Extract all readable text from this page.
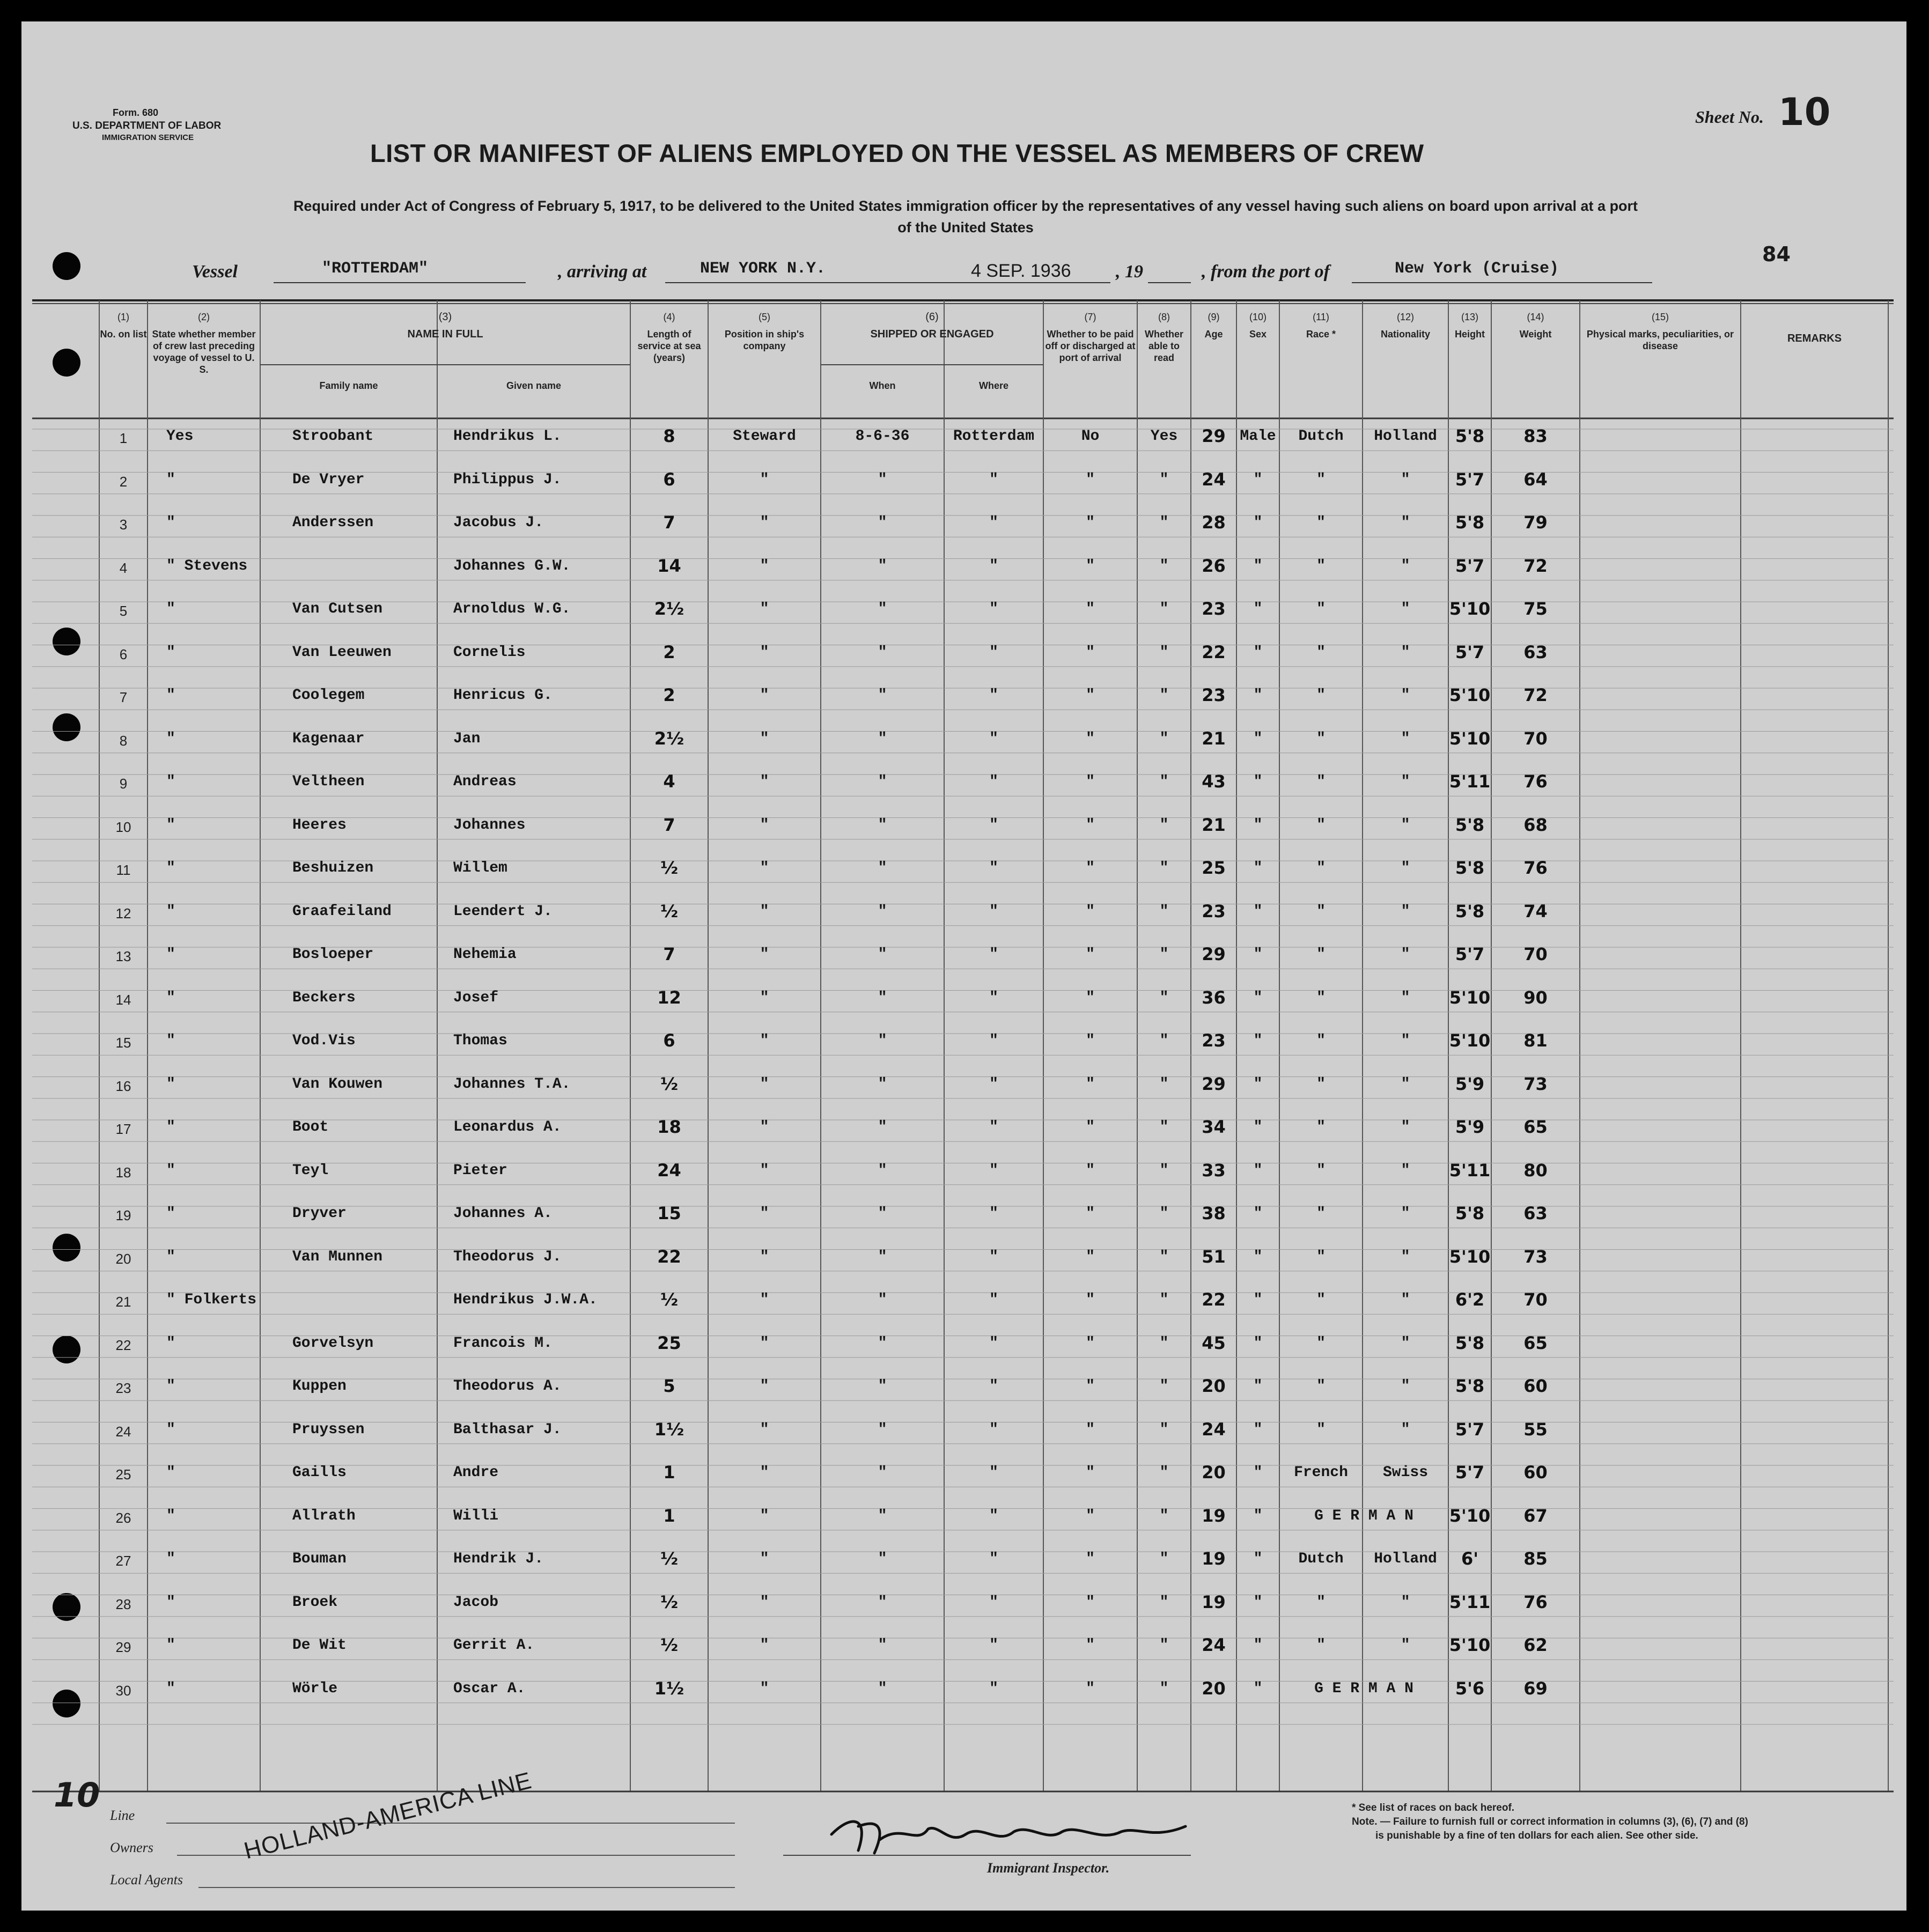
Form. 680
U.S. DEPARTMENT OF LABOR
IMMIGRATION SERVICE
LIST OR MANIFEST OF ALIENS EMPLOYED ON THE VESSEL AS MEMBERS OF CREW
Sheet No. 10
Required under Act of Congress of February 5, 1917, to be delivered to the United States immigration officer by the representatives of any vessel having such aliens on board upon arrival at a port
of the United States
84
Vessel	"ROTTERDAM"	, arriving at	NEW YORK N.Y.	4 SEP. 1936 , 19	, from the port of	New York (Cruise)
(1)
No. on list
(2)
State whether member of crew last preceding voyage of vessel to U. S.
(3)
NAME IN FULL
Family name	Given name
(4)
Length of service at sea (years)
(5)
Position in ship's company
(6)
SHIPPED OR ENGAGED
When	Where
(7)
Whether to be paid off or discharged at port of arrival
(8)
Whether able to read
(9)
Age
(10)
Sex
(11)
Race *
(12)
Nationality
(13)
Height
(14)
Weight
(15)
Physical marks, peculiarities, or disease
REMARKS
1	Yes	Stroobant	Hendrikus L.	8	Steward	8-6-36	Rotterdam	No	Yes	29 Male	Dutch	Holland	5'8	83
2	"	De Vryer	Philippus J.	6	"	"	"	"	"	24	"	"	"	5'7	64
3	"	Anderssen	Jacobus J.	7	"	"	"	"	"	28	"	"	"	5'8	79
4	" Stevens	Johannes G.W.	14	"	"	"	"	"	26	"	"	"	5'7	72
5	"	Van Cutsen	Arnoldus W.G.	2½	"	"	"	"	"	23	"	"	"	5'10	75
6	"	Van Leeuwen	Cornelis	2	"	"	"	"	"	22	"	"	"	5'7	63
7	"	Coolegem	Henricus G.	2	"	"	"	"	"	23	"	"	"	5'10	72
8	"	Kagenaar	Jan	2½	"	"	"	"	"	21	"	"	"	5'10	70
9	"	Veltheen	Andreas	4	"	"	"	"	"	43	"	"	"	5'11	76
10	"	Heeres	Johannes	7	"	"	"	"	"	21	"	"	"	5'8	68
11	"	Beshuizen	Willem	½	"	"	"	"	"	25	"	"	"	5'8	76
12	"	Graafeiland	Leendert J.	½	"	"	"	"	"	23	"	"	"	5'8	74
13	"	Bosloeper	Nehemia	7	"	"	"	"	"	29	"	"	"	5'7	70
14	"	Beckers	Josef	12	"	"	"	"	"	36	"	"	"	5'10	90
15	"	Vod.Vis	Thomas	6	"	"	"	"	"	23	"	"	"	5'10	81
16	"	Van Kouwen	Johannes T.A.	½	"	"	"	"	"	29	"	"	"	5'9	73
17	"	Boot	Leonardus A.	18	"	"	"	"	"	34	"	"	"	5'9	65
18	"	Teyl	Pieter	24	"	"	"	"	"	33	"	"	"	5'11	80
19	"	Dryver	Johannes A.	15	"	"	"	"	"	38	"	"	"	5'8	63
20	"	Van Munnen	Theodorus J.	22	"	"	"	"	"	51	"	"	"	5'10	73
21	" Folkerts	Hendrikus J.W.A.	½	"	"	"	"	"	22	"	"	"	6'2	70
22	"	Gorvelsyn	Francois M.	25	"	"	"	"	"	45	"	"	"	5'8	65
23	"	Kuppen	Theodorus A.	5	"	"	"	"	"	20	"	"	"	5'8	60
24	"	Pruyssen	Balthasar J.	1½	"	"	"	"	"	24	"	"	"	5'7	55
25	"	Gaills	Andre	1	"	"	"	"	"	20	"	French	Swiss	5'7	60
26	"	Allrath	Willi	1	"	"	"	"	"	19	"	G E R M A N	5'10	67
27	"	Bouman	Hendrik J.	½	"	"	"	"	"	19	"	Dutch	Holland	6'	85
28	"	Broek	Jacob	½	"	"	"	"	"	19	"	"	"	5'11	76
29	"	De Wit	Gerrit A.	½	"	"	"	"	"	24	"	"	"	5'10	62
30	"	Wörle	Oscar A.	1½	"	"	"	"	"	20	"	G E R M A N	5'6	69
10
Line
Owners
Local Agents
HOLLAND-AMERICA LINE
Immigrant Inspector.
* See list of races on back hereof.
Note. — Failure to furnish full or correct information in columns (3), (6), (7) and (8)
is punishable by a fine of ten dollars for each alien. See other side.
